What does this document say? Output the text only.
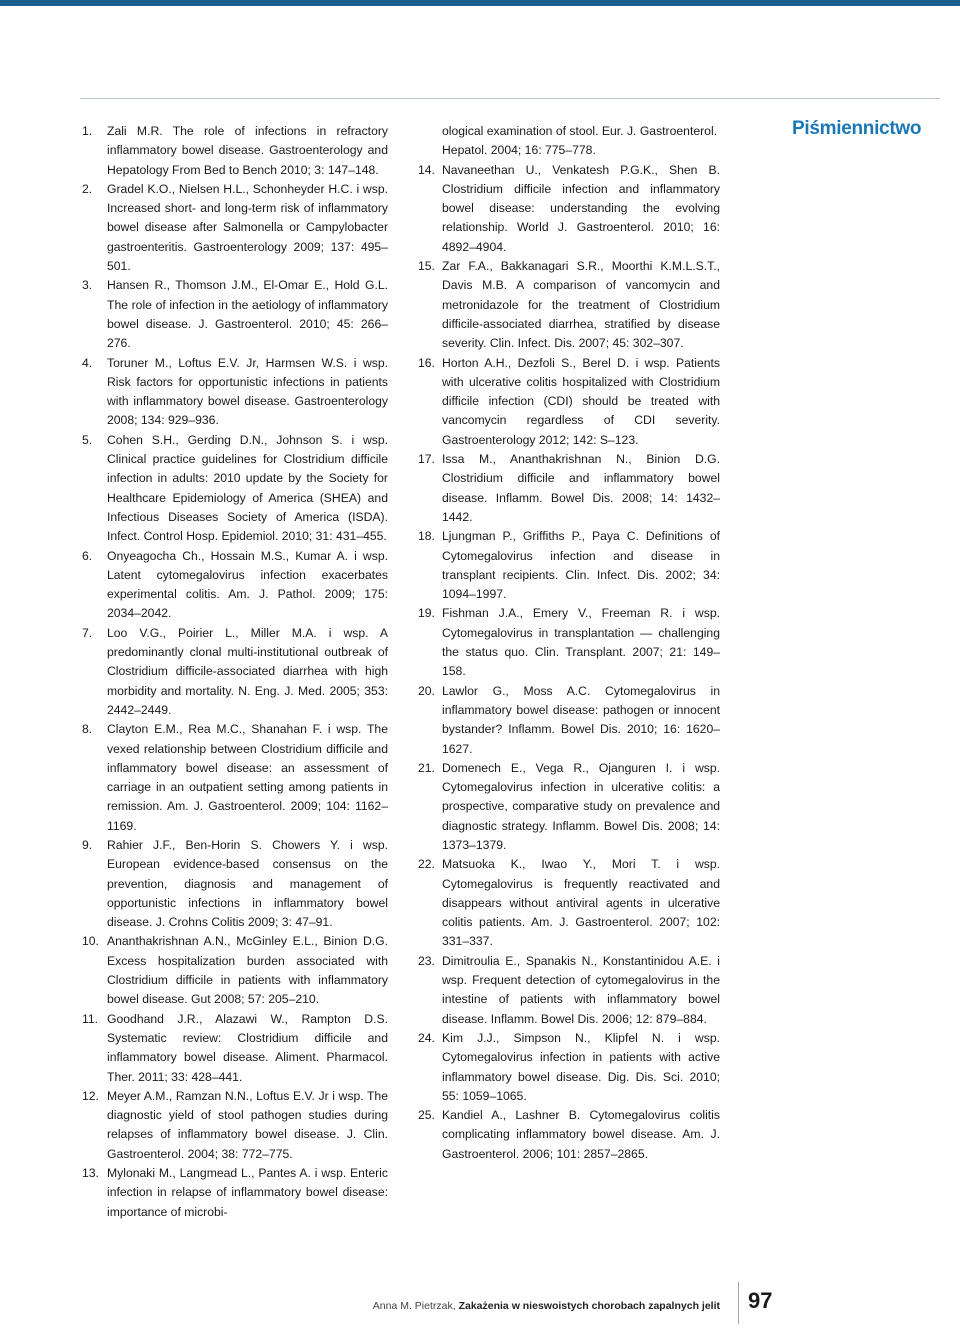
Piśmiennictwo
1. Zali M.R. The role of infections in refractory inflammatory bowel disease. Gastroenterology and Hepatology From Bed to Bench 2010; 3: 147–148.
2. Gradel K.O., Nielsen H.L., Schonheyder H.C. i wsp. Increased short- and long-term risk of inflammatory bowel disease after Salmonella or Campylobacter gastroenteritis. Gastroenterology 2009; 137: 495–501.
3. Hansen R., Thomson J.M., El-Omar E., Hold G.L. The role of infection in the aetiology of inflammatory bowel disease. J. Gastroenterol. 2010; 45: 266–276.
4. Toruner M., Loftus E.V. Jr, Harmsen W.S. i wsp. Risk factors for opportunistic infections in patients with inflammatory bowel disease. Gastroenterology 2008; 134: 929–936.
5. Cohen S.H., Gerding D.N., Johnson S. i wsp. Clinical practice guidelines for Clostridium difficile infection in adults: 2010 update by the Society for Healthcare Epidemiology of America (SHEA) and Infectious Diseases Society of America (ISDA). Infect. Control Hosp. Epidemiol. 2010; 31: 431–455.
6. Onyeagocha Ch., Hossain M.S., Kumar A. i wsp. Latent cytomegalovirus infection exacerbates experimental colitis. Am. J. Pathol. 2009; 175: 2034–2042.
7. Loo V.G., Poirier L., Miller M.A. i wsp. A predominantly clonal multi-institutional outbreak of Clostridium difficile-associated diarrhea with high morbidity and mortality. N. Eng. J. Med. 2005; 353: 2442–2449.
8. Clayton E.M., Rea M.C., Shanahan F. i wsp. The vexed relationship between Clostridium difficile and inflammatory bowel disease: an assessment of carriage in an outpatient setting among patients in remission. Am. J. Gastroenterol. 2009; 104: 1162–1169.
9. Rahier J.F., Ben-Horin S. Chowers Y. i wsp. European evidence-based consensus on the prevention, diagnosis and management of opportunistic infections in inflammatory bowel disease. J. Crohns Colitis 2009; 3: 47–91.
10. Ananthakrishnan A.N., McGinley E.L., Binion D.G. Excess hospitalization burden associated with Clostridium difficile in patients with inflammatory bowel disease. Gut 2008; 57: 205–210.
11. Goodhand J.R., Alazawi W., Rampton D.S. Systematic review: Clostridium difficile and inflammatory bowel disease. Aliment. Pharmacol. Ther. 2011; 33: 428–441.
12. Meyer A.M., Ramzan N.N., Loftus E.V. Jr i wsp. The diagnostic yield of stool pathogen studies during relapses of inflammatory bowel disease. J. Clin. Gastroenterol. 2004; 38: 772–775.
13. Mylonaki M., Langmead L., Pantes A. i wsp. Enteric infection in relapse of inflammatory bowel disease: importance of microbi-
ological examination of stool. Eur. J. Gastroenterol. Hepatol. 2004; 16: 775–778.
14. Navaneethan U., Venkatesh P.G.K., Shen B. Clostridium difficile infection and inflammatory bowel disease: understanding the evolving relationship. World J. Gastroenterol. 2010; 16: 4892–4904.
15. Zar F.A., Bakkanagari S.R., Moorthi K.M.L.S.T., Davis M.B. A comparison of vancomycin and metronidazole for the treatment of Clostridium difficile-associated diarrhea, stratified by disease severity. Clin. Infect. Dis. 2007; 45: 302–307.
16. Horton A.H., Dezfoli S., Berel D. i wsp. Patients with ulcerative colitis hospitalized with Clostridium difficile infection (CDI) should be treated with vancomycin regardless of CDI severity. Gastroenterology 2012; 142: S–123.
17. Issa M., Ananthakrishnan N., Binion D.G. Clostridium difficile and inflammatory bowel disease. Inflamm. Bowel Dis. 2008; 14: 1432–1442.
18. Ljungman P., Griffiths P., Paya C. Definitions of Cytomegalovirus infection and disease in transplant recipients. Clin. Infect. Dis. 2002; 34: 1094–1997.
19. Fishman J.A., Emery V., Freeman R. i wsp. Cytomegalovirus in transplantation — challenging the status quo. Clin. Transplant. 2007; 21: 149–158.
20. Lawlor G., Moss A.C. Cytomegalovirus in inflammatory bowel disease: pathogen or innocent bystander? Inflamm. Bowel Dis. 2010; 16: 1620–1627.
21. Domenech E., Vega R., Ojanguren I. i wsp. Cytomegalovirus infection in ulcerative colitis: a prospective, comparative study on prevalence and diagnostic strategy. Inflamm. Bowel Dis. 2008; 14: 1373–1379.
22. Matsuoka K., Iwao Y., Mori T. i wsp. Cytomegalovirus is frequently reactivated and disappears without antiviral agents in ulcerative colitis patients. Am. J. Gastroenterol. 2007; 102: 331–337.
23. Dimitroulia E., Spanakis N., Konstantinidou A.E. i wsp. Frequent detection of cytomegalovirus in the intestine of patients with inflammatory bowel disease. Inflamm. Bowel Dis. 2006; 12: 879–884.
24. Kim J.J., Simpson N., Klipfel N. i wsp. Cytomegalovirus infection in patients with active inflammatory bowel disease. Dig. Dis. Sci. 2010; 55: 1059–1065.
25. Kandiel A., Lashner B. Cytomegalovirus colitis complicating inflammatory bowel disease. Am. J. Gastroenterol. 2006; 101: 2857–2865.
Anna M. Pietrzak, Zakażenia w nieswoistych chorobach zapalnych jelit 97
